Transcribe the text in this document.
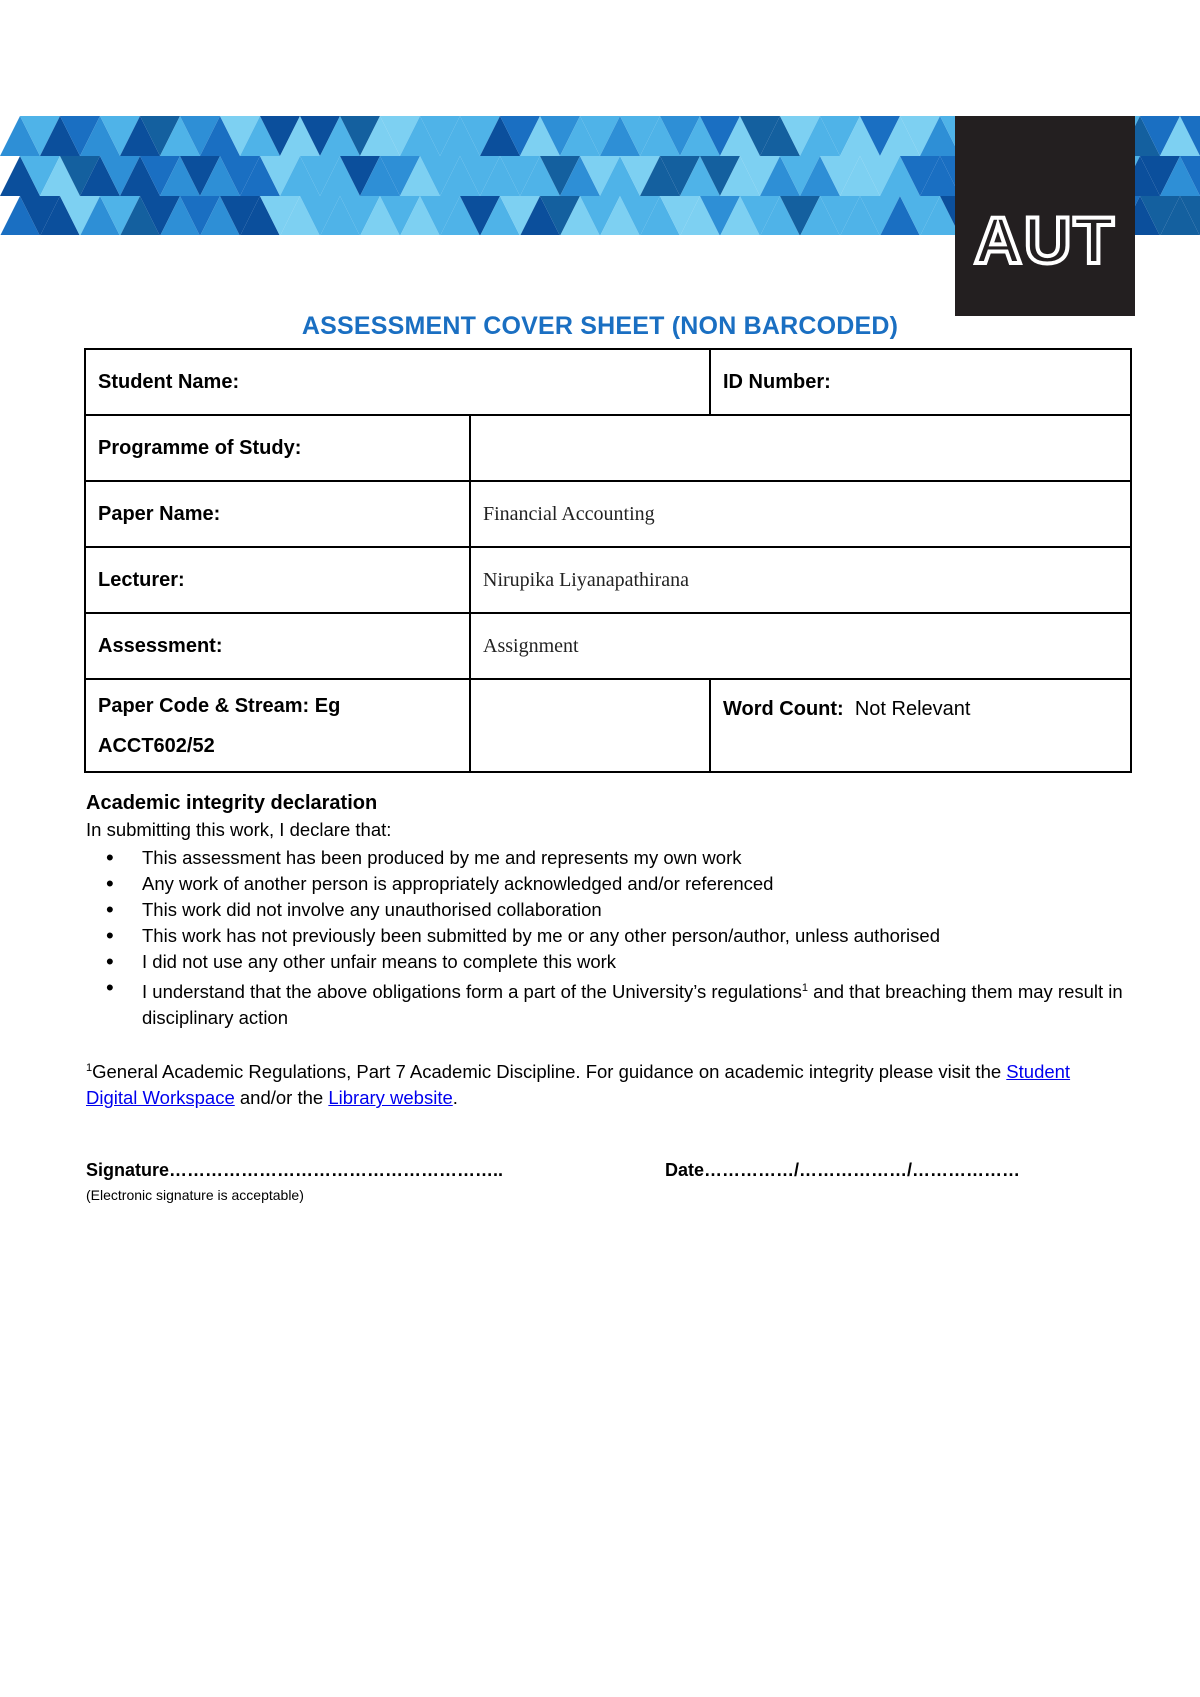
AUT
ASSESSMENT COVER SHEET (NON BARCODED)
Student Name:		ID Number:
Programme of Study:		
Paper Name:	Financial Accounting	
Lecturer:	Nirupika Liyanapathirana	
Assessment:	Assignment	

Paper Code & Stream: Eg
ACCT602/52		Word Count: Not Relevant
Academic integrity declaration

In submitting this work, I declare that:

• This assessment has been produced by me and represents my own work
• Any work of another person is appropriately acknowledged and/or referenced
• This work did not involve any unauthorised collaboration
• This work has not previously been submitted by me or any other person/author, unless authorised
• I did not use any other unfair means to complete this work
• I understand that the above obligations form a part of the University’s regulations$^1$ and that breaching them may result in disciplinary action
$^1$General Academic Regulations, Part 7 Academic Discipline. For guidance on academic integrity please visit the Student Digital Workspace and/or the Library website.
Signature………………………………………………..
(Electronic signature is acceptable)
Date……………/………………/………………
